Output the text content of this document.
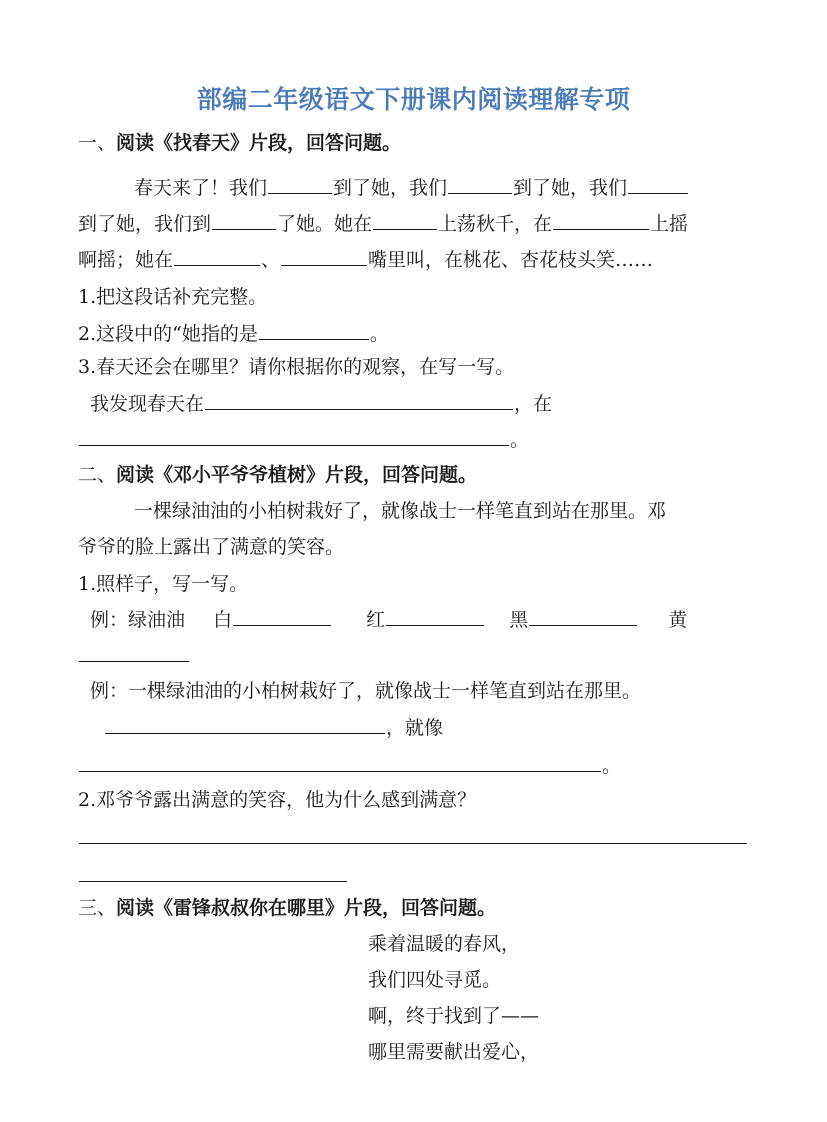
部编二年级语文下册课内阅读理解专项
一、阅读《找春天》片段，回答问题。
春天来了！我们	到了她，我们	到了她，我们
到了她，我们到	了她。她在	上荡秋千，在	上摇
啊摇；她在	、	嘴里叫，在桃花、杏花枝头笑……
1.把这段话补充完整。
2.这段中的“她指的是	。
3.春天还会在哪里？请你根据你的观察，在写一写。
我发现春天在	，在
。
二、阅读《邓小平爷爷植树》片段，回答问题。
一棵绿油油的小柏树栽好了，就像战士一样笔直到站在那里。邓
爷爷的脸上露出了满意的笑容。
1.照样子，写一写。
例：绿油油 白	红	黑	黄
例：一棵绿油油的小柏树栽好了，就像战士一样笔直到站在那里。
，就像
。
2.邓爷爷露出满意的笑容，他为什么感到满意？
三、阅读《雷锋叔叔你在哪里》片段，回答问题。
乘着温暖的春风，
我们四处寻觅。
啊，终于找到了——
哪里需要献出爱心，
